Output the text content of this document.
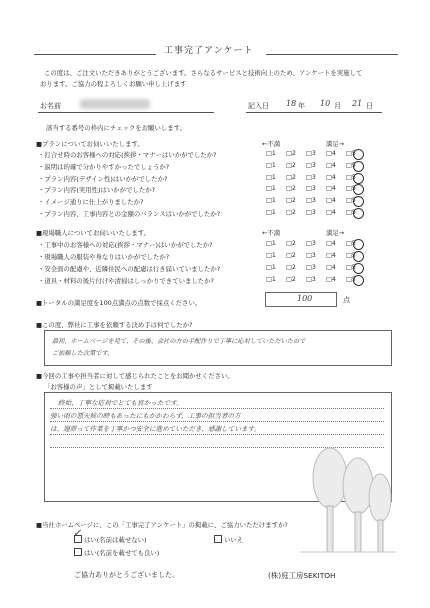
工事完了アンケート
この度は、ご注文いただきありがとうございます。さらなるサービスと技術向上のため、アンケートを実施して
おります。ご協力の程よろしくお願い申し上げます
お名前	記入日 18 年 10 月 21 日
該当する番号の枠内にチェックをお願いします。
■プランについてお伺いいたします。	←不満	満足→
・打合せ時のお客様への対応(挨拶・マナーはいかがでしたか?	□1 □2 □3 □4 □5
・説明は的確で分かりやすかったでしょうか?	□1 □2 □3 □4 □5
・プラン内容(デザイン性)はいかがでしたか?	□1 □2 □3 □4 □5
・プラン内容(実用性)はいかがでしたか?	□1 □2 □3 □4 □5
・イメージ通りに仕上がりましたか?	□1 □2 □3 □4 □5
・プラン内容、工事内容との金額のバランスはいかがでしたか?	□1 □2 □3 □4 □5
■現場職人についてお伺いいたします。	←不満	満足→
・工事中のお客様への対応(挨拶・マナー)はいかがでしたか?	□1 □2 □3 □4 □5
・現場職人の服装や身なりはいかがでしたか?	□1 □2 □3 □4 □5
・安全面の配慮や、近隣住民への配慮は行き届いていましたか?	□1 □2 □3 □4 □5
・道具・材料の後片付けや清掃はしっかりできていましたか?	□1 □2 □3 □4 □5
■トータルの満足度を100点満点の点数で採点ください。	100	点
■この度、弊社に工事を依頼する決め手は何でしたか?
最初、ホームページを見て、その後、会社の方の手配作りで丁寧に応対していただいたので
ご依頼した次第です。
■今回の工事や担当者に対して感じられたことをお聞かせください。
「お客様の声」として掲載いたします
終始、丁寧な応対でとても良かったです。
強い雨の悪天候の時もあったにもかかわらず、工事の担当者の方
は、遅滞って作業を丁寧かつ安全に進めていただき、感謝しています。
■当社ホームページに、この「工事完了アンケート」の掲載に、ご協力いただけますか?
はい(名前は載せない)
✓
はい(名前を載せても良い)
いいえ
ご協力ありがとうございました。	(株)庭工房SEKITOH
